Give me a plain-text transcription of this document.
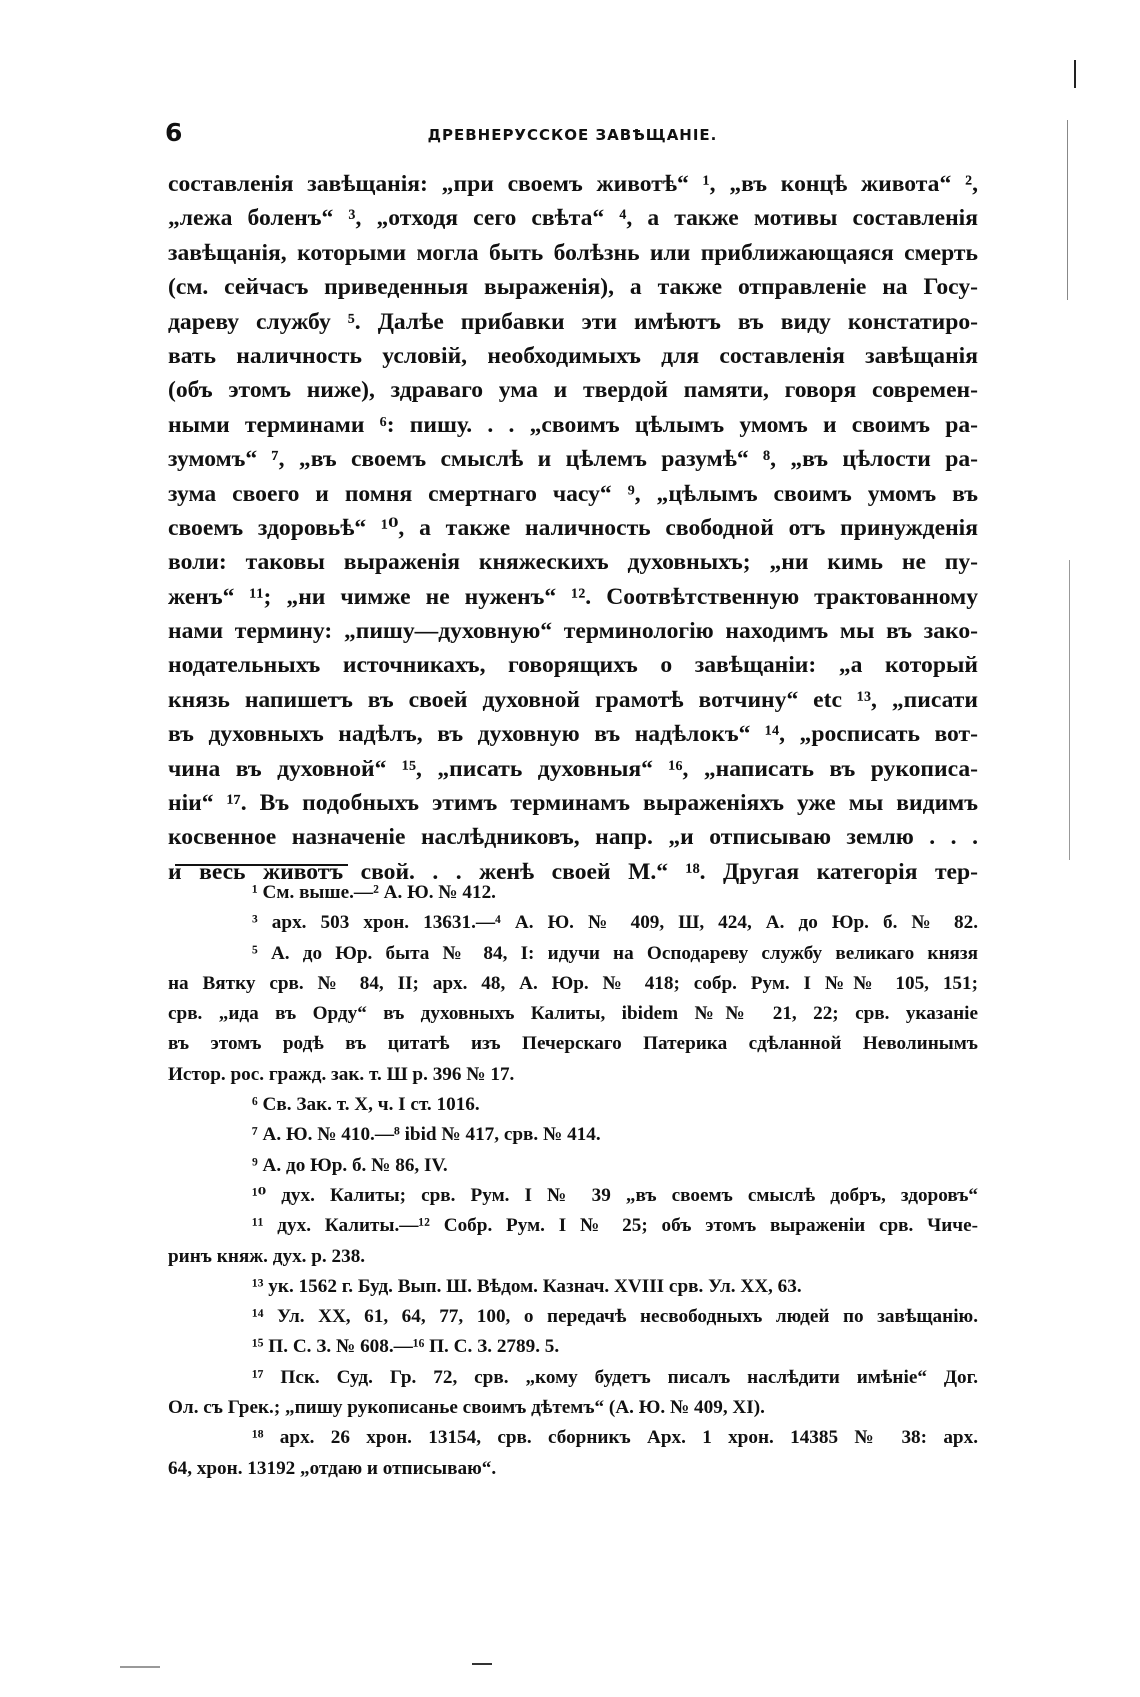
6	ДРЕВНЕРУССКОЕ ЗАВѢЩАНІЕ.
составленія завѣщанія: „при своемъ животѣ“ ¹, „въ концѣ живота“ ²,
„лежа боленъ“ ³, „отходя сего свѣта“ ⁴, а также мотивы составленія
завѣщанія, которыми могла быть болѣзнь или приближающаяся смерть
(см. сейчасъ приведенныя выраженія), а также отправленіе на Госу-
дареву службу ⁵. Далѣе прибавки эти имѣютъ въ виду констатиро-
вать наличность условій, необходимыхъ для составленія завѣщанія
(объ этомъ ниже), здраваго ума и твердой памяти, говоря современ-
ными терминами ⁶: пишу. . . „своимъ цѣлымъ умомъ и своимъ ра-
зумомъ“ ⁷, „въ своемъ смыслѣ и цѣлемъ разумѣ“ ⁸, „въ цѣлости ра-
зума своего и помня смертнаго часу“ ⁹, „цѣлымъ своимъ умомъ въ
своемъ здоровьѣ“ ¹⁰, а также наличность свободной отъ принужденія
воли: таковы выраженія княжескихъ духовныхъ; „ни кимь не пу-
женъ“ ¹¹; „ни чимже не нуженъ“ ¹². Соотвѣтственную трактованному
нами термину: „пишу—духовную“ терминологію находимъ мы въ зако-
нодательныхъ источникахъ, говорящихъ о завѣщаніи: „а который
князь напишетъ въ своей духовной грамотѣ вотчину“ etc ¹³, „писати
въ духовныхъ надѣлъ, въ духовную въ надѣлокъ“ ¹⁴, „росписать вот-
чина въ духовной“ ¹⁵, „писать духовныя“ ¹⁶, „написать въ рукописа-
ніи“ ¹⁷. Въ подобныхъ этимъ терминамъ выраженіяхъ уже мы видимъ
косвенное назначеніе наслѣдниковъ, напр. „и отписываю землю . . .
и весь животъ свой. . . женѣ своей М.“ ¹⁸. Другая категорія тер-
¹ См. выше.—² А. Ю. № 412.
³ арх. 503 хрон. 13631.—⁴ А. Ю. № 409, Ш, 424, А. до Юр. б. № 82.
⁵ А. до Юр. быта № 84, I: идучи на Осподареву службу великаго князя
на Вятку срв. № 84, II; арх. 48, А. Юр. № 418; собр. Рум. I №№ 105, 151;
срв. „ида въ Орду“ въ духовныхъ Калиты, ibidem №№ 21, 22; срв. указаніе
въ этомъ родѣ въ цитатѣ изъ Печерскаго Патерика сдѣланной Неволинымъ
Истор. рос. гражд. зак. т. Ш р. 396 № 17.
⁶ Св. Зак. т. X, ч. I ст. 1016.
⁷ А. Ю. № 410.—⁸ ibid № 417, срв. № 414.
⁹ А. до Юр. б. № 86, IV.
¹⁰ дух. Калиты; срв. Рум. I № 39 „въ своемъ смыслѣ добръ, здоровъ“
¹¹ дух. Калиты.—¹² Собр. Рум. I № 25; объ этомъ выраженіи срв. Чиче-
ринъ княж. дух. р. 238.
¹³ ук. 1562 г. Буд. Вып. Ш. Вѣдом. Казнач. XVIII срв. Ул. XX, 63.
¹⁴ Ул. XX, 61, 64, 77, 100, о передачѣ несвободныхъ людей по завѣщанію.
¹⁵ П. С. З. № 608.—¹⁶ П. С. З. 2789. 5.
¹⁷ Пск. Суд. Гр. 72, срв. „кому будетъ писалъ наслѣдити имѣніе“ Дог.
Ол. съ Грек.; „пишу рукописанье своимъ дѣтемъ“ (А. Ю. № 409, XI).
¹⁸ арх. 26 хрон. 13154, срв. сборникъ Арх. 1 хрон. 14385 № 38: арх.
64, хрон. 13192 „отдаю и отписываю“.
